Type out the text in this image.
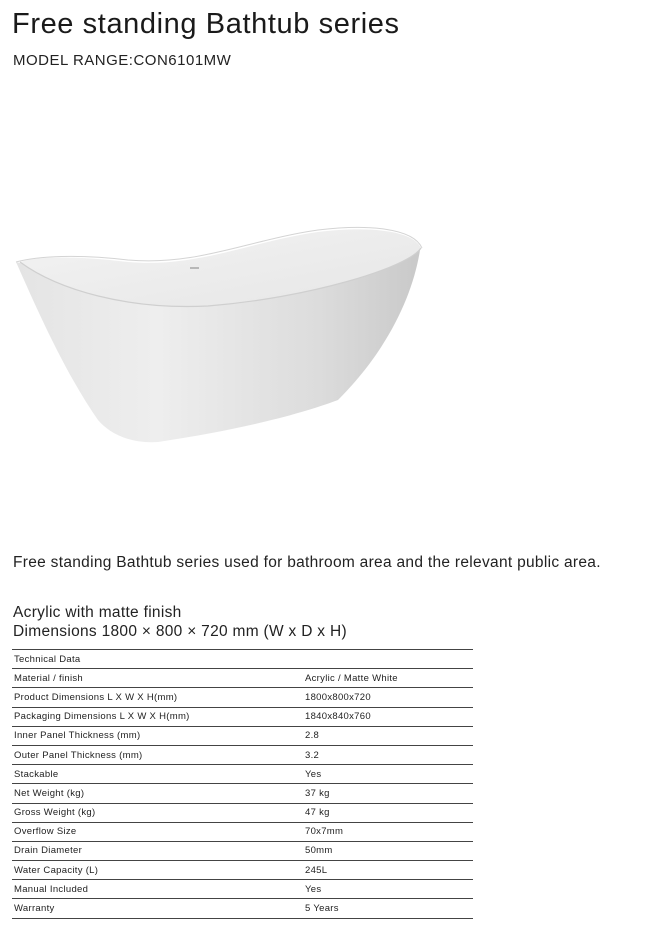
Free standing Bathtub series
MODEL RANGE:CON6101MW
Free standing Bathtub series used for bathroom area and the relevant public area.
Acrylic with matte finish
Dimensions 1800 × 800 × 720 mm (W x D x H)
Technical Data	
Material / finish	Acrylic / Matte White
Product Dimensions L X W X H(mm)	1800x800x720
Packaging Dimensions L X W X H(mm)	1840x840x760
Inner Panel Thickness (mm)	2.8
Outer Panel Thickness (mm)	3.2
Stackable	Yes
Net Weight (kg)	37 kg
Gross Weight (kg)	47 kg
Overflow Size	70x7mm
Drain Diameter	50mm
Water Capacity (L)	245L
Manual Included	Yes
Warranty	5 Years
